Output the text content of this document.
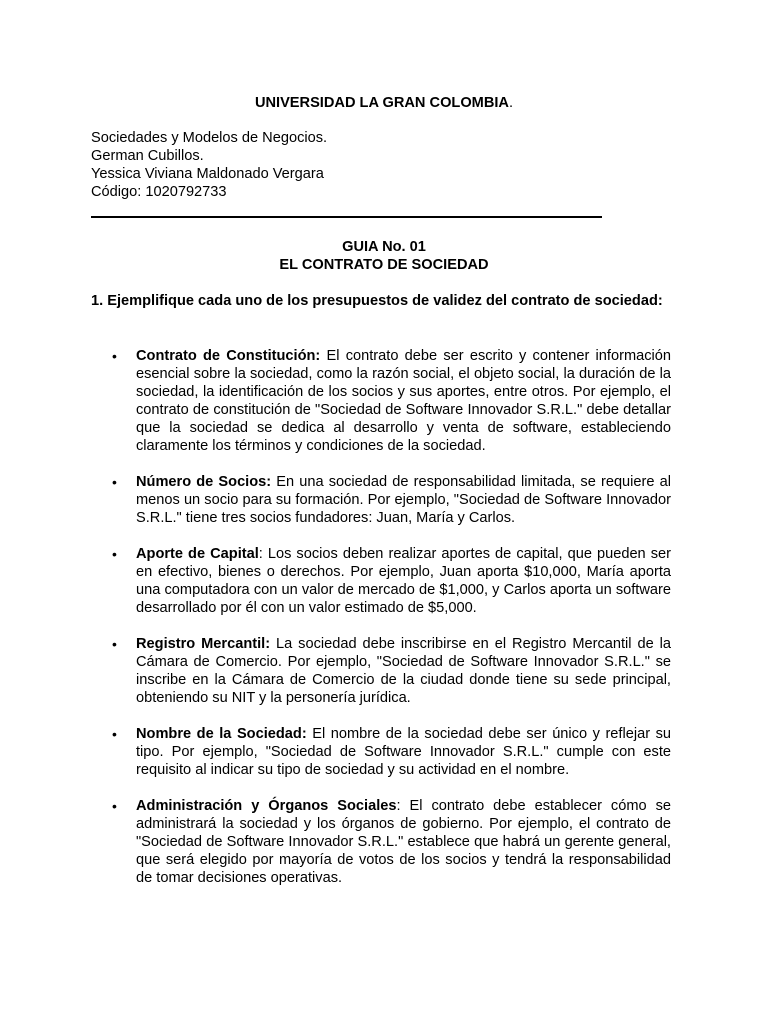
UNIVERSIDAD LA GRAN COLOMBIA.
Sociedades y Modelos de Negocios.
German Cubillos.
Yessica Viviana Maldonado Vergara
Código: 1020792733
GUIA No. 01
EL CONTRATO DE SOCIEDAD
1. Ejemplifique cada uno de los presupuestos de validez del contrato de sociedad:
• Contrato de Constitución: El contrato debe ser escrito y contener información esencial sobre la sociedad, como la razón social, el objeto social, la duración de la sociedad, la identificación de los socios y sus aportes, entre otros. Por ejemplo, el contrato de constitución de "Sociedad de Software Innovador S.R.L." debe detallar que la sociedad se dedica al desarrollo y venta de software, estableciendo claramente los términos y condiciones de la sociedad.
• Número de Socios: En una sociedad de responsabilidad limitada, se requiere al menos un socio para su formación. Por ejemplo, "Sociedad de Software Innovador S.R.L." tiene tres socios fundadores: Juan, María y Carlos.
• Aporte de Capital: Los socios deben realizar aportes de capital, que pueden ser en efectivo, bienes o derechos. Por ejemplo, Juan aporta $10,000, María aporta una computadora con un valor de mercado de $1,000, y Carlos aporta un software desarrollado por él con un valor estimado de $5,000.
• Registro Mercantil: La sociedad debe inscribirse en el Registro Mercantil de la Cámara de Comercio. Por ejemplo, "Sociedad de Software Innovador S.R.L." se inscribe en la Cámara de Comercio de la ciudad donde tiene su sede principal, obteniendo su NIT y la personería jurídica.
• Nombre de la Sociedad: El nombre de la sociedad debe ser único y reflejar su tipo. Por ejemplo, "Sociedad de Software Innovador S.R.L." cumple con este requisito al indicar su tipo de sociedad y su actividad en el nombre.
• Administración y Órganos Sociales: El contrato debe establecer cómo se administrará la sociedad y los órganos de gobierno. Por ejemplo, el contrato de "Sociedad de Software Innovador S.R.L." establece que habrá un gerente general, que será elegido por mayoría de votos de los socios y tendrá la responsabilidad de tomar decisiones operativas.
